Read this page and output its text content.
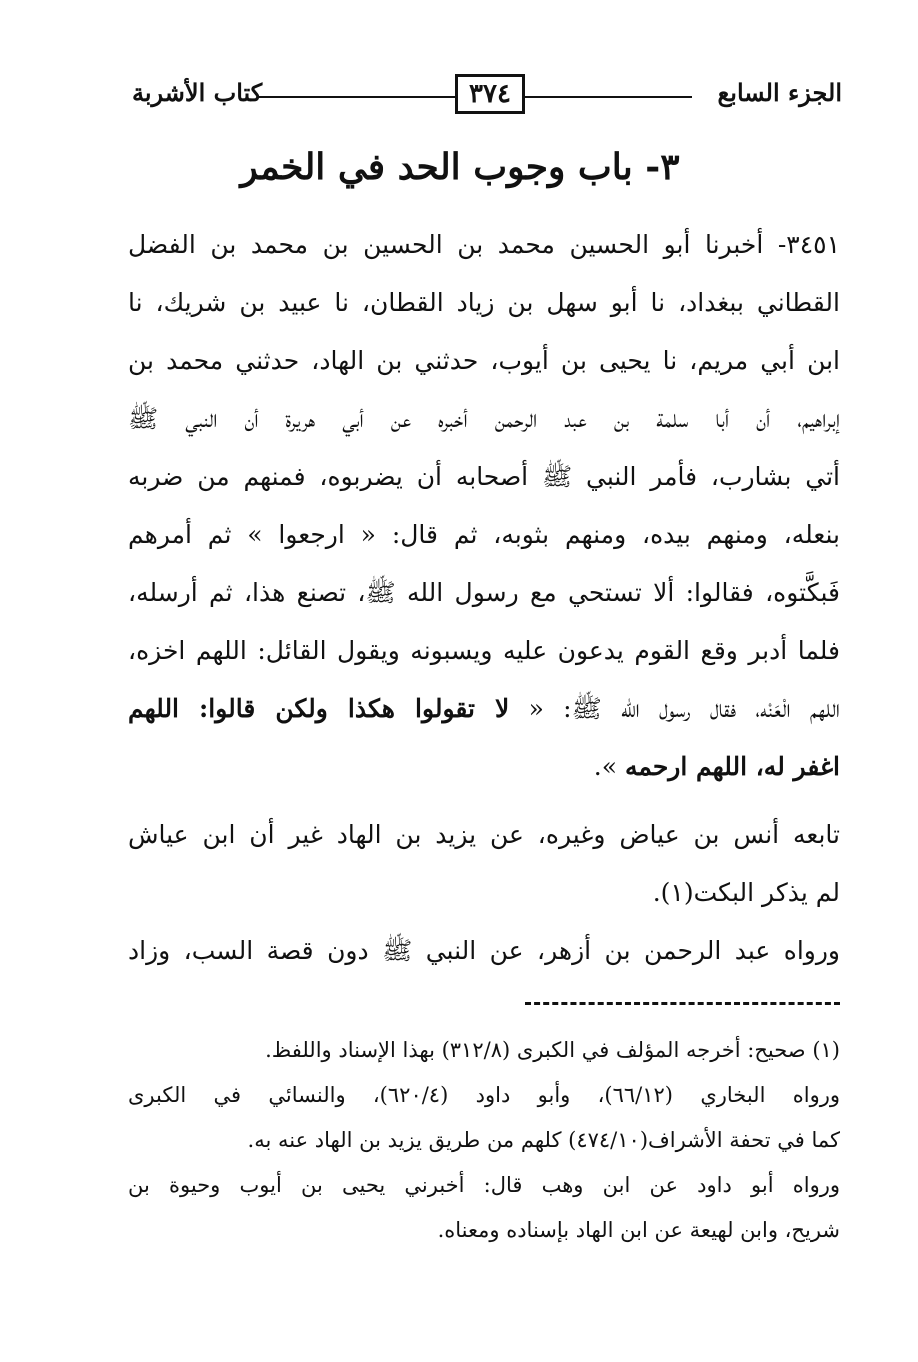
الجزء السابع
٣٧٤
كتاب الأشربة
٣- باب وجوب الحد في الخمر
٣٤٥١- أخبرنا أبو الحسين محمد بن الحسين بن محمد بن الفضل
القطاني ببغداد، نا أبو سهل بن زياد القطان، نا عبيد بن شريك، نا
ابن أبي مريم، نا يحيى بن أيوب، حدثني بن الهاد، حدثني محمد بن
إبراهيم، أن أبا سلمة بن عبد الرحمن أخبره عن أبي هريرة أن النبي ﷺ
أتي بشارب، فأمر النبي ﷺ أصحابه أن يضربوه، فمنهم من ضربه
بنعله، ومنهم بيده، ومنهم بثوبه، ثم قال: « ارجعوا » ثم أمرهم
فَبكَّتوه، فقالوا: ألا تستحي مع رسول الله ﷺ، تصنع هذا، ثم أرسله،
فلما أدبر وقع القوم يدعون عليه ويسبونه ويقول القائل: اللهم اخزه،
اللهم الْعَنْه، فقال رسول الله ﷺ: « لا تقولوا هكذا ولكن قالوا: اللهم
اغفر له، اللهم ارحمه ».
تابعه أنس بن عياض وغيره، عن يزيد بن الهاد غير أن ابن عياش
لم يذكر البكت(١).
ورواه عبد الرحمن بن أزهر، عن النبي ﷺ دون قصة السب، وزاد
(١) صحيح: أخرجه المؤلف في الكبرى (٣١٢/٨) بهذا الإسناد واللفظ.
ورواه البخاري (٦٦/١٢)، وأبو داود (٦٢٠/٤)، والنسائي في الكبرى
كما في تحفة الأشراف(٤٧٤/١٠) كلهم من طريق يزيد بن الهاد عنه به.
ورواه أبو داود عن ابن وهب قال: أخبرني يحيى بن أيوب وحيوة بن
شريح، وابن لهيعة عن ابن الهاد بإسناده ومعناه.
